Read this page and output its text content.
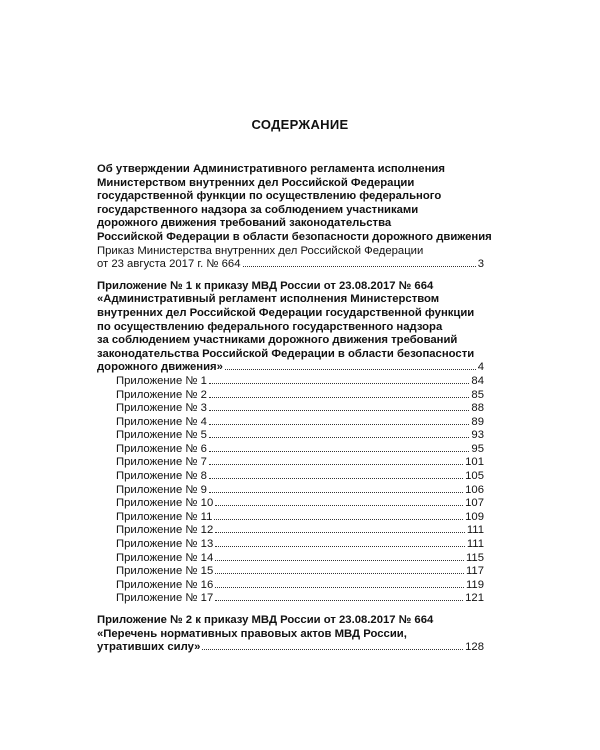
СОДЕРЖАНИЕ
Об утверждении Административного регламента исполнения
Министерством внутренних дел Российской Федерации
государственной функции по осуществлению федерального
государственного надзора за соблюдением участниками
дорожного движения требований законодательства
Российской Федерации в области безопасности дорожного движения
Приказ Министерства внутренних дел Российской Федерации
от 23 августа 2017 г. № 664	3
Приложение № 1 к приказу МВД России от 23.08.2017 № 664
«Административный регламент исполнения Министерством
внутренних дел Российской Федерации государственной функции
по осуществлению федерального государственного надзора
за соблюдением участниками дорожного движения требований
законодательства Российской Федерации в области безопасности
дорожного движения»	4
Приложение № 1	84
Приложение № 2	85
Приложение № 3	88
Приложение № 4	89
Приложение № 5	93
Приложение № 6	95
Приложение № 7	101
Приложение № 8	105
Приложение № 9	106
Приложение № 10	107
Приложение № 11	109
Приложение № 12	111
Приложение № 13	111
Приложение № 14	115
Приложение № 15	117
Приложение № 16	119
Приложение № 17	121
Приложение № 2 к приказу МВД России от 23.08.2017 № 664
«Перечень нормативных правовых актов МВД России,
утративших силу»	128
